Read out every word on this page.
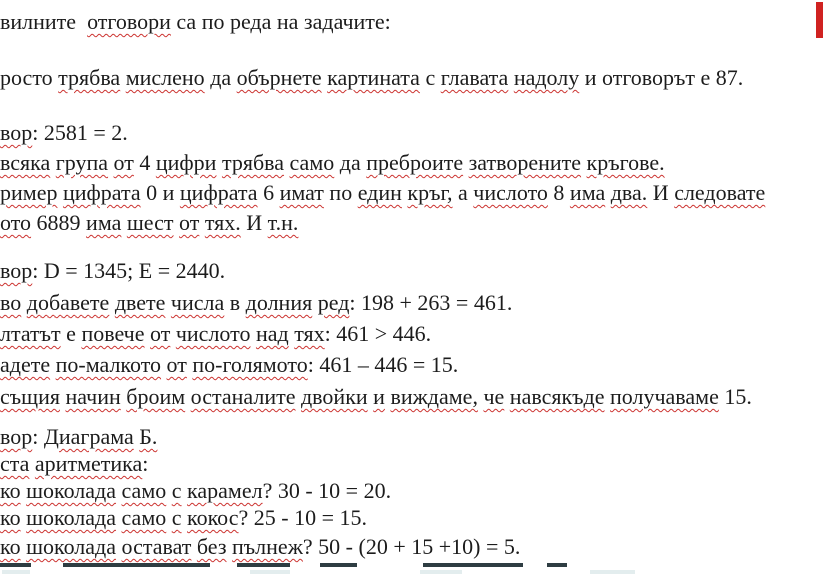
вилните  отговори са по реда на задачите:
росто трябва мислено да обърнете картината с главата надолу и отговорът е 87.
вор: 2581 = 2.
всяка група от 4 цифри трябва само да преброите затворените кръгове.
ример цифрата 0 и цифрата 6 имат по един кръг, а числото 8 има два. И следовате
ото 6889 има шест от тях. И т.н.
вор: D = 1345; E = 2440.
во добавете двете числа в долния ред: 198 + 263 = 461.
лтатът е повече от числото над тях: 461 > 446.
адете по-малкото от по-голямото: 461 – 446 = 15.
същия начин броим останалите двойки и виждаме, че навсякъде получаваме 15.
вор: Диаграма Б.
ста аритметика:
ко шоколада само с карамел? 30 - 10 = 20.
ко шоколада само с кокос? 25 - 10 = 15.
ко шоколада остават без пълнеж? 50 - (20 + 15 +10) = 5.
